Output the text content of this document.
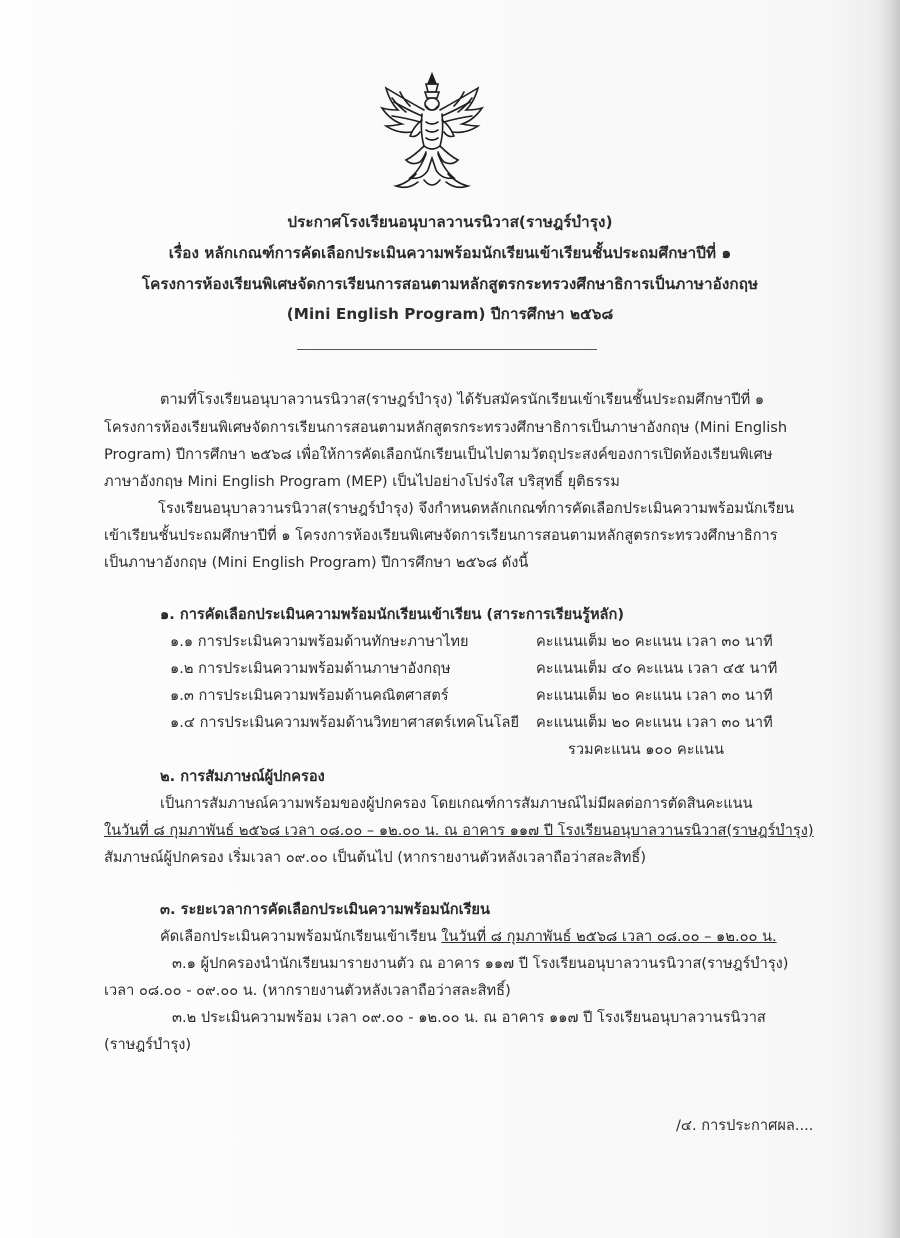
ประกาศโรงเรียนอนุบาลวานรนิวาส(ราษฎร์บำรุง)
เรื่อง หลักเกณฑ์การคัดเลือกประเมินความพร้อมนักเรียนเข้าเรียนชั้นประถมศึกษาปีที่ ๑
โครงการห้องเรียนพิเศษจัดการเรียนการสอนตามหลักสูตรกระทรวงศึกษาธิการเป็นภาษาอังกฤษ
(Mini English Program) ปีการศึกษา ๒๕๖๘
ตามที่โรงเรียนอนุบาลวานรนิวาส(ราษฎร์บำรุง) ได้รับสมัครนักเรียนเข้าเรียนชั้นประถมศึกษาปีที่ ๑
โครงการห้องเรียนพิเศษจัดการเรียนการสอนตามหลักสูตรกระทรวงศึกษาธิการเป็นภาษาอังกฤษ (Mini English
Program) ปีการศึกษา ๒๕๖๘ เพื่อให้การคัดเลือกนักเรียนเป็นไปตามวัตถุประสงค์ของการเปิดห้องเรียนพิเศษ
ภาษาอังกฤษ Mini English Program (MEP) เป็นไปอย่างโปร่งใส บริสุทธิ์ ยุติธรรม
โรงเรียนอนุบาลวานรนิวาส(ราษฎร์บำรุง) จึงกำหนดหลักเกณฑ์การคัดเลือกประเมินความพร้อมนักเรียน
เข้าเรียนชั้นประถมศึกษาปีที่ ๑ โครงการห้องเรียนพิเศษจัดการเรียนการสอนตามหลักสูตรกระทรวงศึกษาธิการ
เป็นภาษาอังกฤษ (Mini English Program) ปีการศึกษา ๒๕๖๘ ดังนี้
๑. การคัดเลือกประเมินความพร้อมนักเรียนเข้าเรียน (สาระการเรียนรู้หลัก)
๑.๑ การประเมินความพร้อมด้านทักษะภาษาไทย	คะแนนเต็ม ๒๐ คะแนน เวลา ๓๐ นาที
๑.๒ การประเมินความพร้อมด้านภาษาอังกฤษ	คะแนนเต็ม ๔๐ คะแนน เวลา ๔๕ นาที
๑.๓ การประเมินความพร้อมด้านคณิตศาสตร์	คะแนนเต็ม ๒๐ คะแนน เวลา ๓๐ นาที
๑.๔ การประเมินความพร้อมด้านวิทยาศาสตร์เทคโนโลยี คะแนนเต็ม ๒๐ คะแนน เวลา ๓๐ นาที
รวมคะแนน ๑๐๐ คะแนน
๒. การสัมภาษณ์ผู้ปกครอง
เป็นการสัมภาษณ์ความพร้อมของผู้ปกครอง โดยเกณฑ์การสัมภาษณ์ไม่มีผลต่อการตัดสินคะแนน
ในวันที่ ๘ กุมภาพันธ์ ๒๕๖๘ เวลา ๐๘.๐๐ – ๑๒.๐๐ น. ณ อาคาร ๑๑๗ ปี โรงเรียนอนุบาลวานรนิวาส(ราษฎร์บำรุง)
สัมภาษณ์ผู้ปกครอง เริ่มเวลา ๐๙.๐๐ เป็นต้นไป (หากรายงานตัวหลังเวลาถือว่าสละสิทธิ์)
๓. ระยะเวลาการคัดเลือกประเมินความพร้อมนักเรียน
คัดเลือกประเมินความพร้อมนักเรียนเข้าเรียน ในวันที่ ๘ กุมภาพันธ์ ๒๕๖๘ เวลา ๐๘.๐๐ – ๑๒.๐๐ น.
๓.๑ ผู้ปกครองนำนักเรียนมารายงานตัว ณ อาคาร ๑๑๗ ปี โรงเรียนอนุบาลวานรนิวาส(ราษฎร์บำรุง)
เวลา ๐๘.๐๐ - ๐๙.๐๐ น. (หากรายงานตัวหลังเวลาถือว่าสละสิทธิ์)
๓.๒ ประเมินความพร้อม เวลา ๐๙.๐๐ - ๑๒.๐๐ น. ณ อาคาร ๑๑๗ ปี โรงเรียนอนุบาลวานรนิวาส
(ราษฎร์บำรุง)
/๔. การประกาศผล....
